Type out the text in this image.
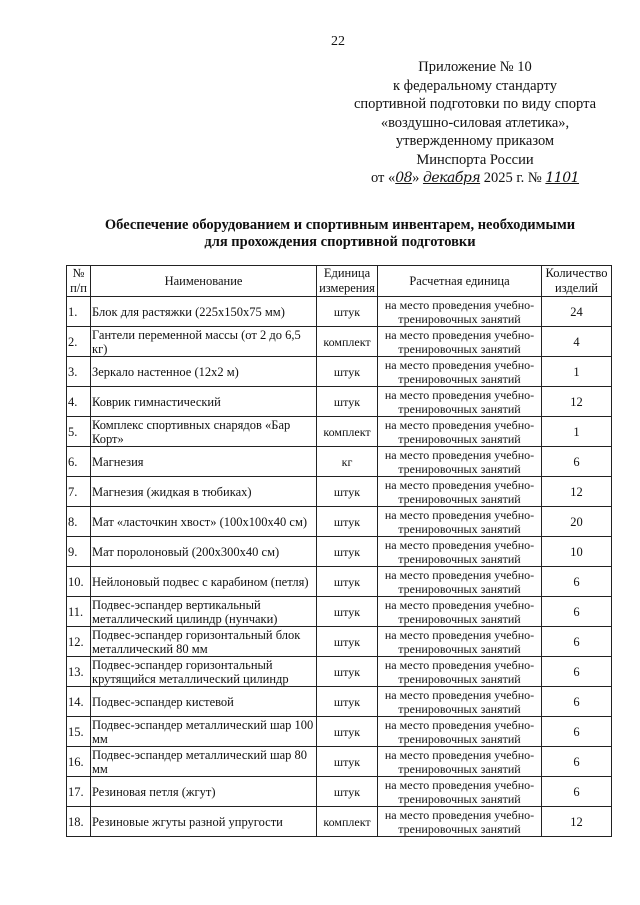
22
Приложение № 10
к федеральному стандарту
спортивной подготовки по виду спорта
«воздушно-силовая атлетика»,
утвержденному приказом
Минспорта России
от «08» декабря 2025 г. № 1101
Обеспечение оборудованием и спортивным инвентарем, необходимыми
для прохождения спортивной подготовки
№ п/п	Наименование	Единица измерения	Расчетная единица	Количество изделий
1.	Блок для растяжки (225х150х75 мм)	штук	на место проведения учебно-тренировочных занятий	24
2.	Гантели переменной массы (от 2 до 6,5 кг)	комплект	на место проведения учебно-тренировочных занятий	4
3.	Зеркало настенное (12х2 м)	штук	на место проведения учебно-тренировочных занятий	1
4.	Коврик гимнастический	штук	на место проведения учебно-тренировочных занятий	12
5.	Комплекс спортивных снарядов «Бар Корт»	комплект	на место проведения учебно-тренировочных занятий	1
6.	Магнезия	кг	на место проведения учебно-тренировочных занятий	6
7.	Магнезия (жидкая в тюбиках)	штук	на место проведения учебно-тренировочных занятий	12
8.	Мат «ласточкин хвост» (100х100х40 см)	штук	на место проведения учебно-тренировочных занятий	20
9.	Мат поролоновый (200х300х40 см)	штук	на место проведения учебно-тренировочных занятий	10
10.	Нейлоновый подвес с карабином (петля)	штук	на место проведения учебно-тренировочных занятий	6
11.	Подвес-эспандер вертикальный металлический цилиндр (нунчаки)	штук	на место проведения учебно-тренировочных занятий	6
12.	Подвес-эспандер горизонтальный блок металлический 80 мм	штук	на место проведения учебно-тренировочных занятий	6
13.	Подвес-эспандер горизонтальный крутящийся металлический цилиндр	штук	на место проведения учебно-тренировочных занятий	6
14.	Подвес-эспандер кистевой	штук	на место проведения учебно-тренировочных занятий	6
15.	Подвес-эспандер металлический шар 100 мм	штук	на место проведения учебно-тренировочных занятий	6
16.	Подвес-эспандер металлический шар 80 мм	штук	на место проведения учебно-тренировочных занятий	6
17.	Резиновая петля (жгут)	штук	на место проведения учебно-тренировочных занятий	6
18.	Резиновые жгуты разной упругости	комплект	на место проведения учебно-тренировочных занятий	12
